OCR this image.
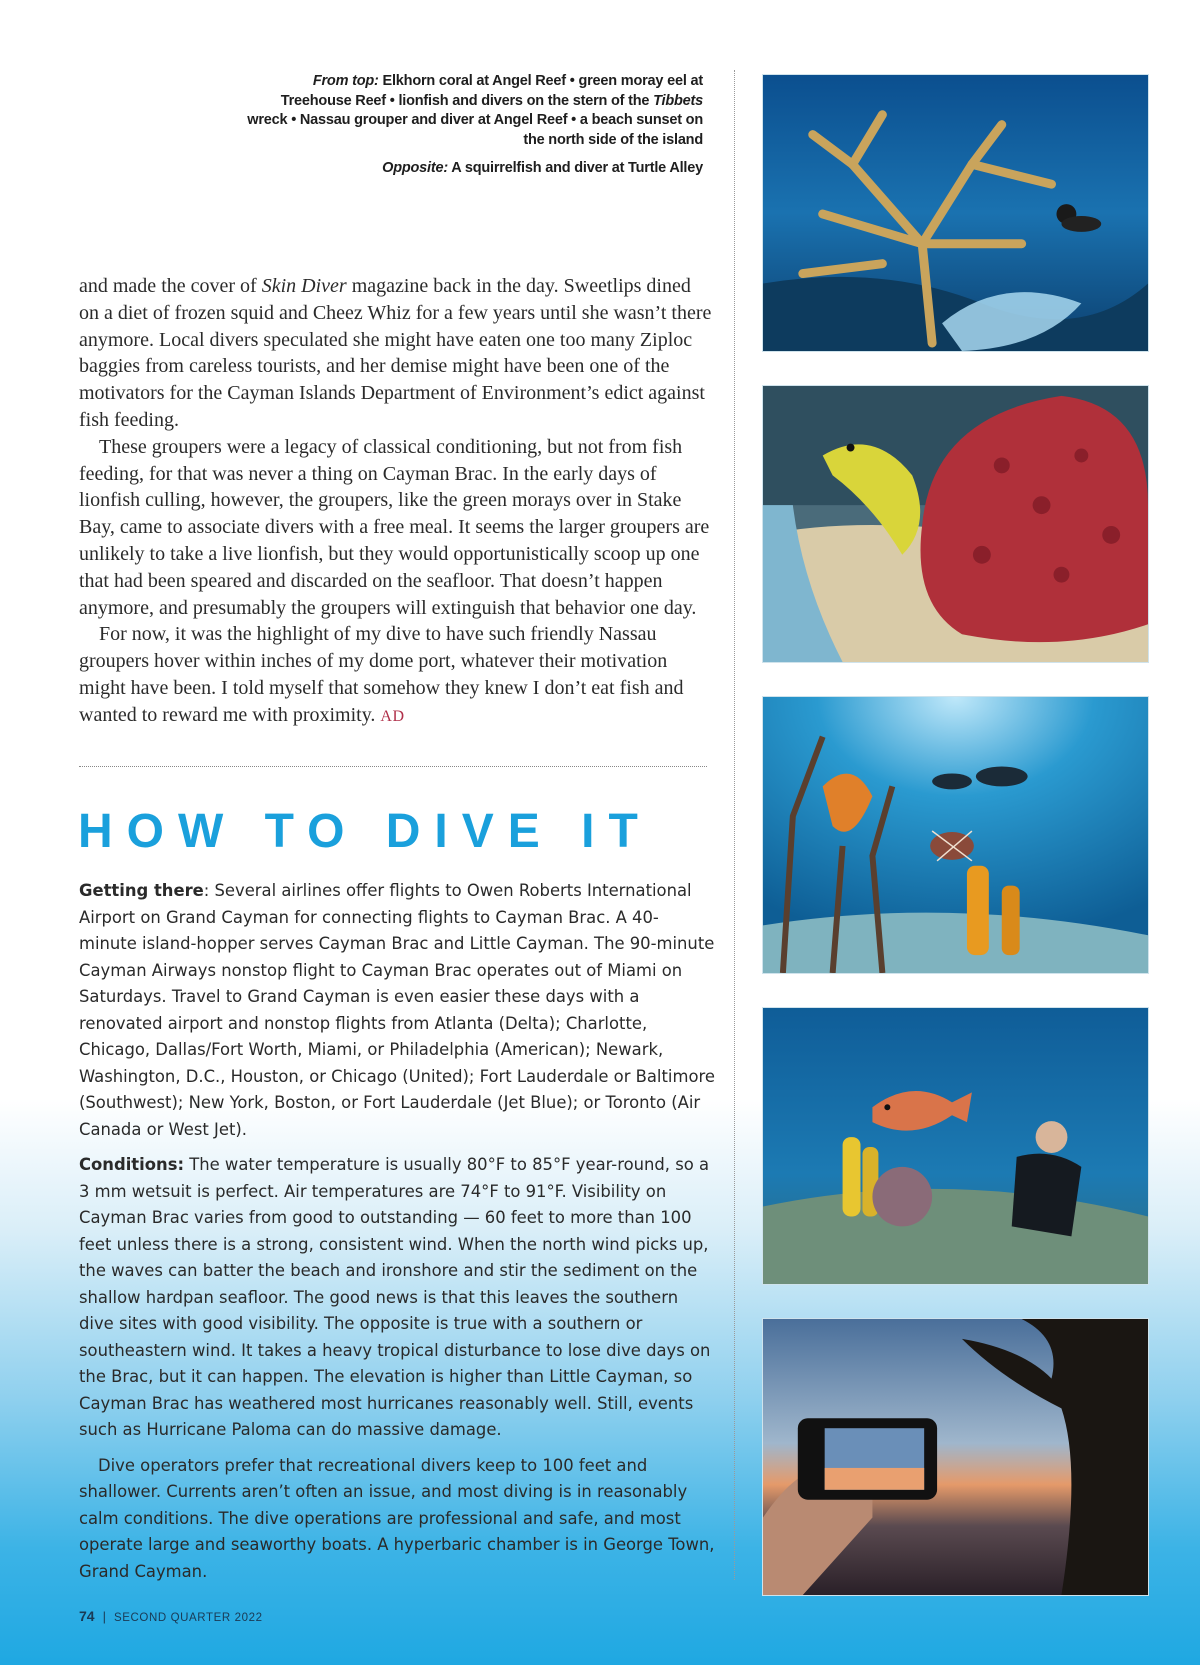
From top: Elkhorn coral at Angel Reef • green moray eel at Treehouse Reef • lionfish and divers on the stern of the Tibbets wreck • Nassau grouper and diver at Angel Reef • a beach sunset on the north side of the island
Opposite: A squirrelfish and diver at Turtle Alley

and made the cover of Skin Diver magazine back in the day. Sweetlips dined on a diet of frozen squid and Cheez Whiz for a few years until she wasn’t there anymore. Local divers speculated she might have eaten one too many Ziploc baggies from careless tourists, and her demise might have been one of the motivators for the Cayman Islands Department of Environment’s edict against fish feeding.

These groupers were a legacy of classical conditioning, but not from fish feeding, for that was never a thing on Cayman Brac. In the early days of lionfish culling, however, the groupers, like the green morays over in Stake Bay, came to associate divers with a free meal. It seems the larger groupers are unlikely to take a live lionfish, but they would opportunistically scoop up one that had been speared and discarded on the seafloor. That doesn’t happen anymore, and presumably the groupers will extinguish that behavior one day.

For now, it was the highlight of my dive to have such friendly Nassau groupers hover within inches of my dome port, whatever their motivation might have been. I told myself that somehow they knew I don’t eat fish and wanted to reward me with proximity. AD

HOW TO DIVE IT

Getting there: Several airlines offer flights to Owen Roberts International Airport on Grand Cayman for connecting flights to Cayman Brac. A 40-minute island-hopper serves Cayman Brac and Little Cayman. The 90-minute Cayman Airways nonstop flight to Cayman Brac operates out of Miami on Saturdays. Travel to Grand Cayman is even easier these days with a renovated airport and nonstop flights from Atlanta (Delta); Charlotte, Chicago, Dallas/Fort Worth, Miami, or Philadelphia (American); Newark, Washington, D.C., Houston, or Chicago (United); Fort Lauderdale or Baltimore (Southwest); New York, Boston, or Fort Lauderdale (Jet Blue); or Toronto (Air Canada or West Jet).

Conditions: The water temperature is usually 80°F to 85°F year-round, so a 3 mm wetsuit is perfect. Air temperatures are 74°F to 91°F. Visibility on Cayman Brac varies from good to outstanding — 60 feet to more than 100 feet unless there is a strong, consistent wind. When the north wind picks up, the waves can batter the beach and ironshore and stir the sediment on the shallow hardpan seafloor. The good news is that this leaves the southern dive sites with good visibility. The opposite is true with a southern or southeastern wind. It takes a heavy tropical disturbance to lose dive days on the Brac, but it can happen. The elevation is higher than Little Cayman, so Cayman Brac has weathered most hurricanes reasonably well. Still, events such as Hurricane Paloma can do massive damage.

Dive operators prefer that recreational divers keep to 100 feet and shallower. Currents aren’t often an issue, and most diving is in reasonably calm conditions. The dive operations are professional and safe, and most operate large and seaworthy boats. A hyperbaric chamber is in George Town, Grand Cayman.

74 | SECOND QUARTER 2022
